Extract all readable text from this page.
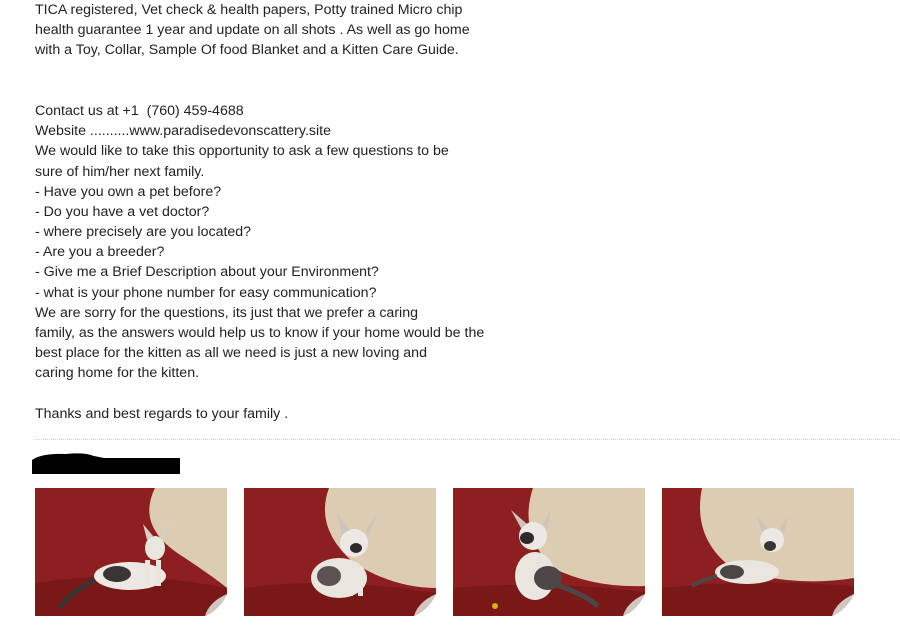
TICA registered, Vet check & health papers, Potty trained Micro chip
health guarantee 1 year and update on all shots . As well as go home
with a Toy, Collar, Sample Of food Blanket and a Kitten Care Guide.
Contact us at +1  (760) 459-4688
Website ..........www.paradisedevonscattery.site
We would like to take this opportunity to ask a few questions to be
sure of him/her next family.
- Have you own a pet before?
- Do you have a vet doctor?
- where precisely are you located?
- Are you a breeder?
- Give me a Brief Description about your Environment?
- what is your phone number for easy communication?
We are sorry for the questions, its just that we prefer a caring
family, as the answers would help us to know if your home would be the
best place for the kitten as all we need is just a new loving and
caring home for the kitten.
Thanks and best regards to your family .
